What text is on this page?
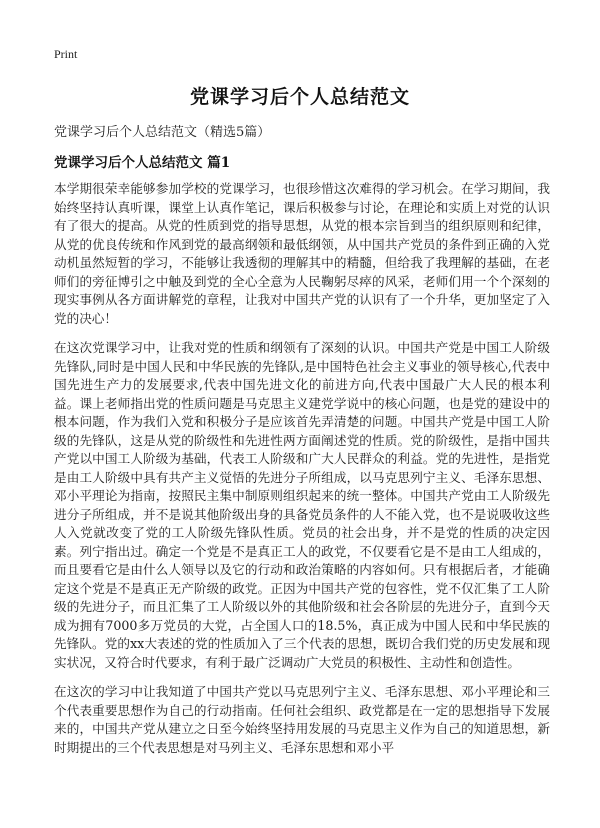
Print
党课学习后个人总结范文
党课学习后个人总结范文（精选5篇）
党课学习后个人总结范文 篇1

本学期很荣幸能够参加学校的党课学习，也很珍惜这次难得的学习机会。在学习期间，我始终坚持认真听课，课堂上认真作笔记，课后积极参与讨论，在理论和实质上对党的认识有了很大的提高。从党的性质到党的指导思想，从党的根本宗旨到当的组织原则和纪律，从党的优良传统和作风到党的最高纲领和最低纲领，从中国共产党员的条件到正确的入党动机虽然短暂的学习，不能够让我透彻的理解其中的精髓，但给我了我理解的基础，在老师们的旁征博引之中触及到党的全心全意为人民鞠躬尽瘁的风采，老师们用一个个深刻的现实事例从各方面讲解党的章程，让我对中国共产党的认识有了一个升华，更加坚定了入党的决心！

在这次党课学习中，让我对党的性质和纲领有了深刻的认识。中国共产党是中国工人阶级先锋队,同时是中国人民和中华民族的先锋队,是中国特色社会主义事业的领导核心,代表中国先进生产力的发展要求,代表中国先进文化的前进方向,代表中国最广大人民的根本利益。课上老师指出党的性质问题是马克思主义建党学说中的核心问题，也是党的建设中的根本问题，作为我们入党和积极分子是应该首先弄清楚的问题。中国共产党是中国工人阶级的先锋队，这是从党的阶级性和先进性两方面阐述党的性质。党的阶级性，是指中国共产党以中国工人阶级为基础，代表工人阶级和广大人民群众的利益。党的先进性，是指党是由工人阶级中具有共产主义觉悟的先进分子所组成，以马克思列宁主义、毛泽东思想、邓小平理论为指南，按照民主集中制原则组织起来的统一整体。中国共产党由工人阶级先进分子所组成，并不是说其他阶级出身的具备党员条件的人不能入党，也不是说吸收这些人入党就改变了党的工人阶级先锋队性质。党员的社会出身，并不是党的性质的决定因素。列宁指出过。确定一个党是不是真正工人的政党，不仅要看它是不是由工人组成的，而且要看它是由什么人领导以及它的行动和政治策略的内容如何。只有根据后者，才能确定这个党是不是真正无产阶级的政党。正因为中国共产党的包容性，党不仅汇集了工人阶级的先进分子，而且汇集了工人阶级以外的其他阶级和社会各阶层的先进分子，直到今天成为拥有7000多万党员的大党，占全国人口的18.5%，真正成为中国人民和中华民族的先锋队。党的xx大表述的党的性质加入了三个代表的思想，既切合我们党的历史发展和现实状况，又符合时代要求，有利于最广泛调动广大党员的积极性、主动性和创造性。

在这次的学习中让我知道了中国共产党以马克思列宁主义、毛泽东思想、邓小平理论和三个代表重要思想作为自己的行动指南。任何社会组织、政党都是在一定的思想指导下发展来的，中国共产党从建立之日至今始终坚持用发展的马克思主义作为自己的知道思想，新时期提出的三个代表思想是对马列主义、毛泽东思想和邓小平
